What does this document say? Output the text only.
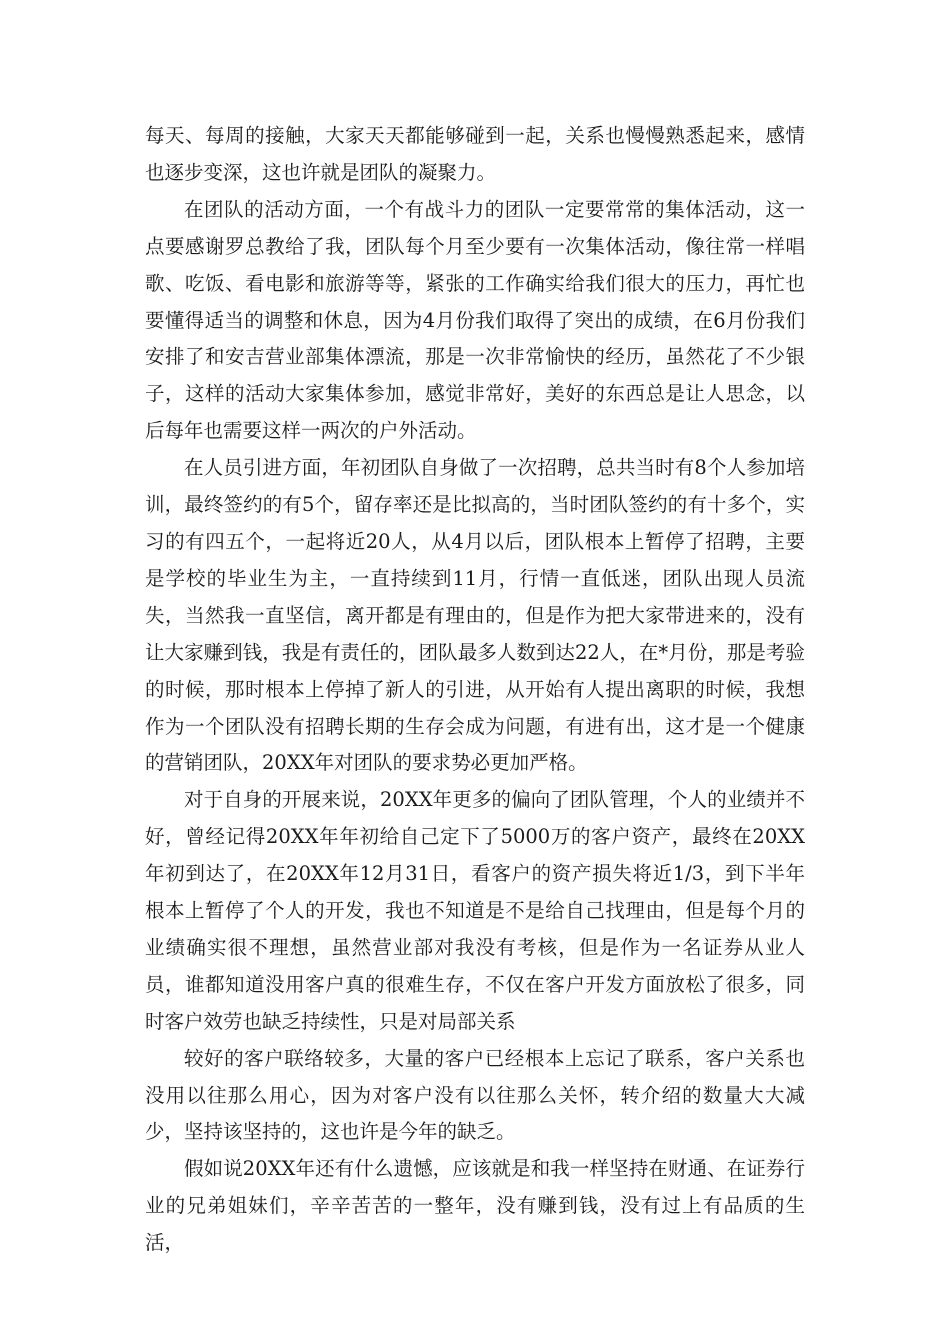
每天、每周的接触，大家天天都能够碰到一起，关系也慢慢熟悉起来，感情也逐步变深，这也许就是团队的凝聚力。

在团队的活动方面，一个有战斗力的团队一定要常常的集体活动，这一点要感谢罗总教给了我，团队每个月至少要有一次集体活动，像往常一样唱歌、吃饭、看电影和旅游等等，紧张的工作确实给我们很大的压力，再忙也要懂得适当的调整和休息，因为4月份我们取得了突出的成绩，在6月份我们安排了和安吉营业部集体漂流，那是一次非常愉快的经历，虽然花了不少银子，这样的活动大家集体参加，感觉非常好，美好的东西总是让人思念，以后每年也需要这样一两次的户外活动。

在人员引进方面，年初团队自身做了一次招聘，总共当时有8个人参加培训，最终签约的有5个，留存率还是比拟高的，当时团队签约的有十多个，实习的有四五个，一起将近20人，从4月以后，团队根本上暂停了招聘，主要是学校的毕业生为主，一直持续到11月，行情一直低迷，团队出现人员流失，当然我一直坚信，离开都是有理由的，但是作为把大家带进来的，没有让大家赚到钱，我是有责任的，团队最多人数到达22人，在*月份，那是考验的时候，那时根本上停掉了新人的引进，从开始有人提出离职的时候，我想作为一个团队没有招聘长期的生存会成为问题，有进有出，这才是一个健康的营销团队，20XX年对团队的要求势必更加严格。

对于自身的开展来说，20XX年更多的偏向了团队管理，个人的业绩并不好，曾经记得20XX年年初给自己定下了5000万的客户资产，最终在20XX年初到达了，在20XX年12月31日，看客户的资产损失将近1/3，到下半年根本上暂停了个人的开发，我也不知道是不是给自己找理由，但是每个月的业绩确实很不理想，虽然营业部对我没有考核，但是作为一名证券从业人员，谁都知道没用客户真的很难生存，不仅在客户开发方面放松了很多，同时客户效劳也缺乏持续性，只是对局部关系

较好的客户联络较多，大量的客户已经根本上忘记了联系，客户关系也没用以往那么用心，因为对客户没有以往那么关怀，转介绍的数量大大减少，坚持该坚持的，这也许是今年的缺乏。

假如说20XX年还有什么遗憾，应该就是和我一样坚持在财通、在证券行业的兄弟姐妹们，辛辛苦苦的一整年，没有赚到钱，没有过上有品质的生活，
